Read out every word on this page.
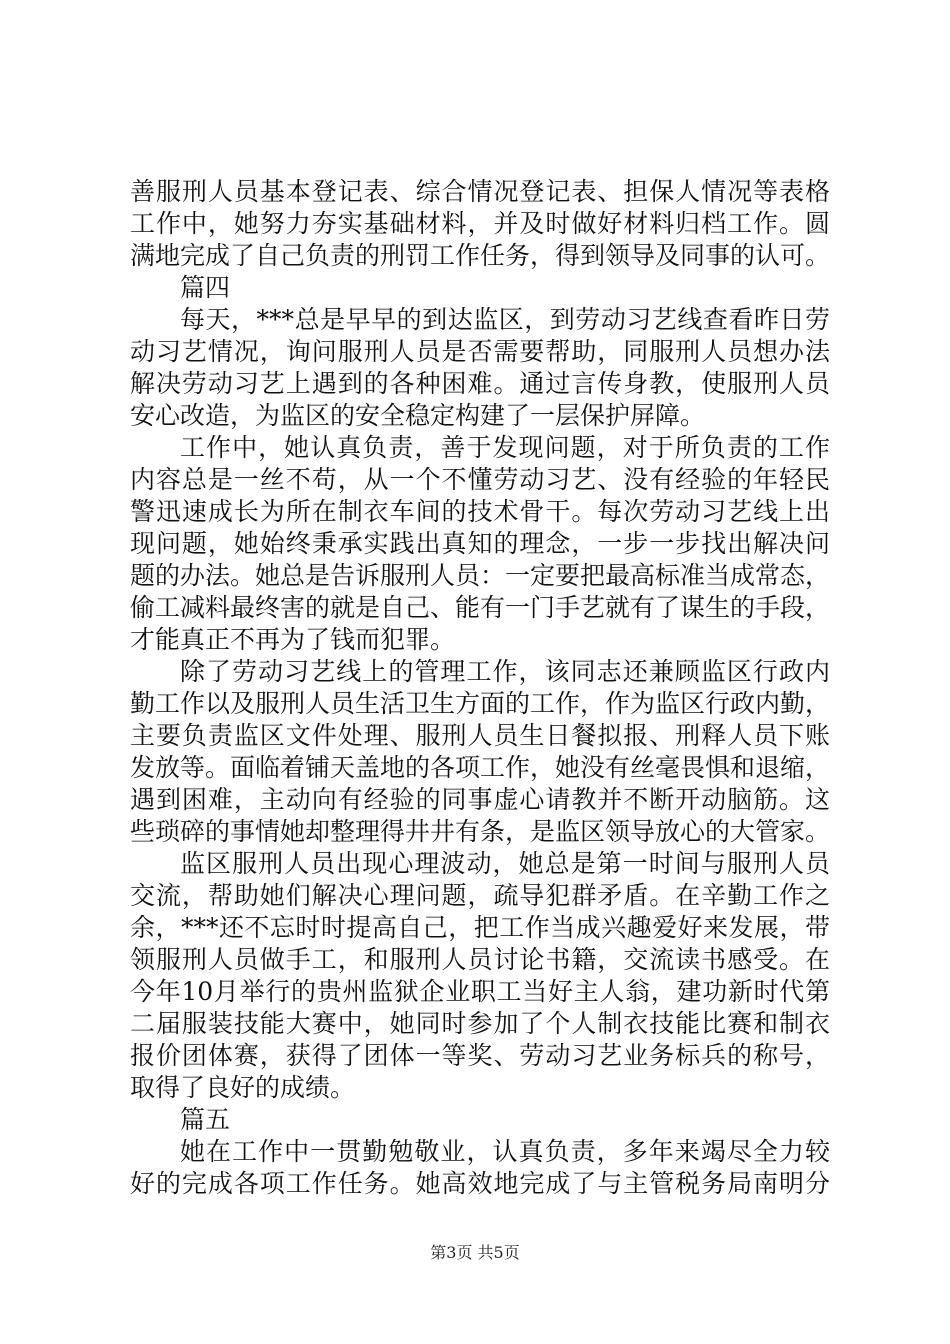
善服刑人员基本登记表、综合情况登记表、担保人情况等表格
工作中，她努力夯实基础材料，并及时做好材料归档工作。圆
满地完成了自己负责的刑罚工作任务，得到领导及同事的认可。
篇四
每天，***总是早早的到达监区，到劳动习艺线查看昨日劳
动习艺情况，询问服刑人员是否需要帮助，同服刑人员想办法
解决劳动习艺上遇到的各种困难。通过言传身教，使服刑人员
安心改造，为监区的安全稳定构建了一层保护屏障。
工作中，她认真负责，善于发现问题，对于所负责的工作
内容总是一丝不苟，从一个不懂劳动习艺、没有经验的年轻民
警迅速成长为所在制衣车间的技术骨干。每次劳动习艺线上出
现问题，她始终秉承实践出真知的理念，一步一步找出解决问
题的办法。她总是告诉服刑人员：一定要把最高标准当成常态，
偷工减料最终害的就是自己、能有一门手艺就有了谋生的手段，
才能真正不再为了钱而犯罪。
除了劳动习艺线上的管理工作，该同志还兼顾监区行政内
勤工作以及服刑人员生活卫生方面的工作，作为监区行政内勤，
主要负责监区文件处理、服刑人员生日餐拟报、刑释人员下账
发放等。面临着铺天盖地的各项工作，她没有丝毫畏惧和退缩，
遇到困难，主动向有经验的同事虚心请教并不断开动脑筋。这
些琐碎的事情她却整理得井井有条，是监区领导放心的大管家。
监区服刑人员出现心理波动，她总是第一时间与服刑人员
交流，帮助她们解决心理问题，疏导犯群矛盾。在辛勤工作之
余，***还不忘时时提高自己，把工作当成兴趣爱好来发展，带
领服刑人员做手工，和服刑人员讨论书籍，交流读书感受。在
今年10月举行的贵州监狱企业职工当好主人翁，建功新时代第
二届服装技能大赛中，她同时参加了个人制衣技能比赛和制衣
报价团体赛，获得了团体一等奖、劳动习艺业务标兵的称号，
取得了良好的成绩。
篇五
她在工作中一贯勤勉敬业，认真负责，多年来竭尽全力较
好的完成各项工作任务。她高效地完成了与主管税务局南明分
第3页 共5页
